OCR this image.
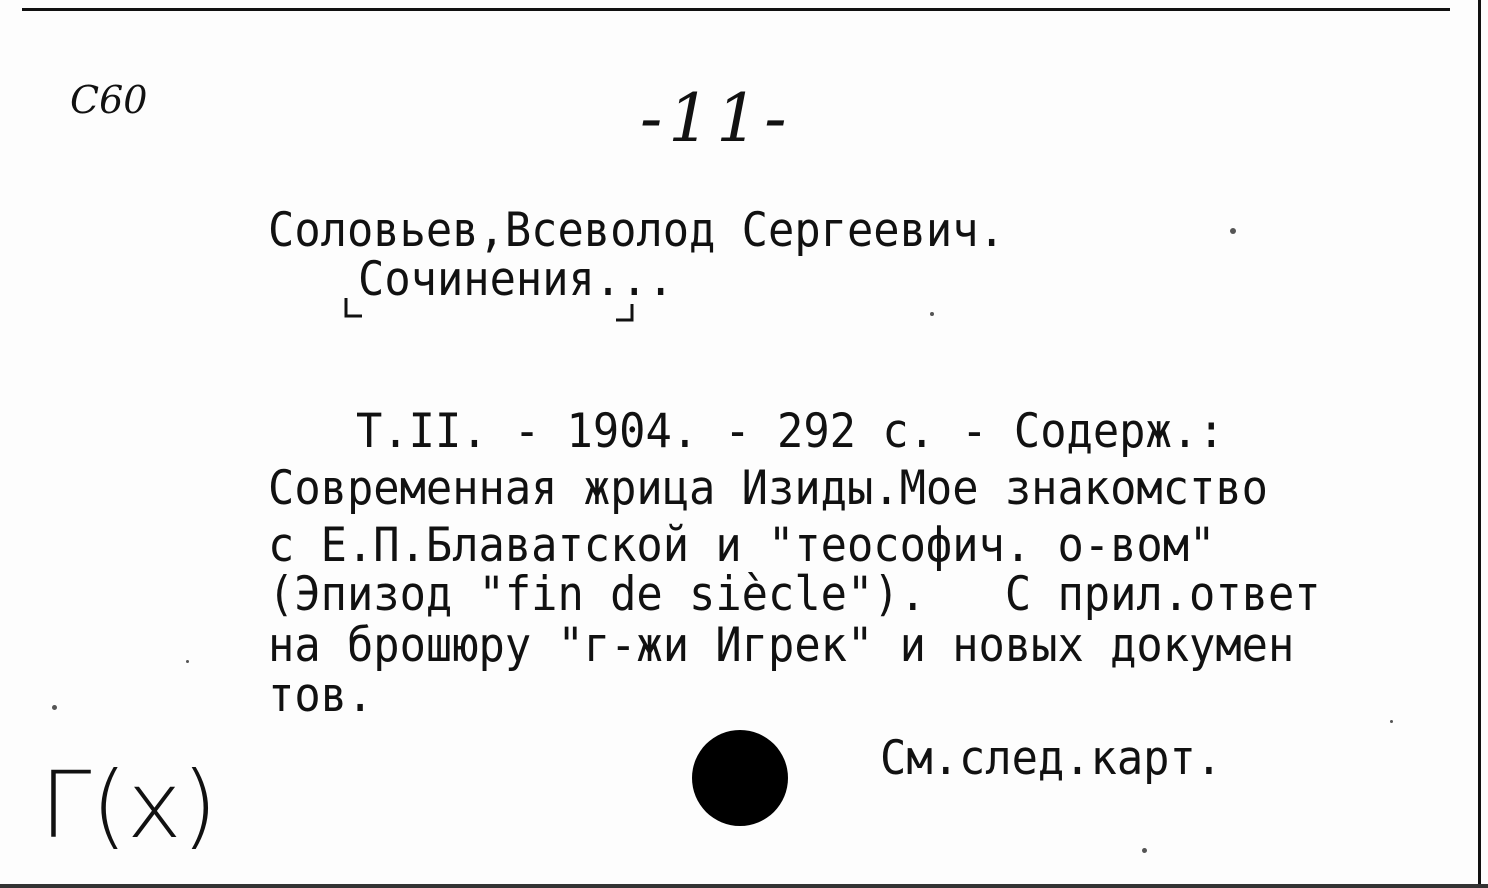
C60	-11-
Соловьев,Всеволод Сергеевич.
Сочинения...
Т.II. - 1904. - 292 с. - Содерж.:
Современная жрица Изиды.Мое знакомство
с Е.П.Блаватской и "теософич. о-вом"
(Эпизод "fin de siècle").   С прил.ответ
на брошюру "г-жи Игрек" и новых докумен
тов.
См.след.карт.
Г(х)
